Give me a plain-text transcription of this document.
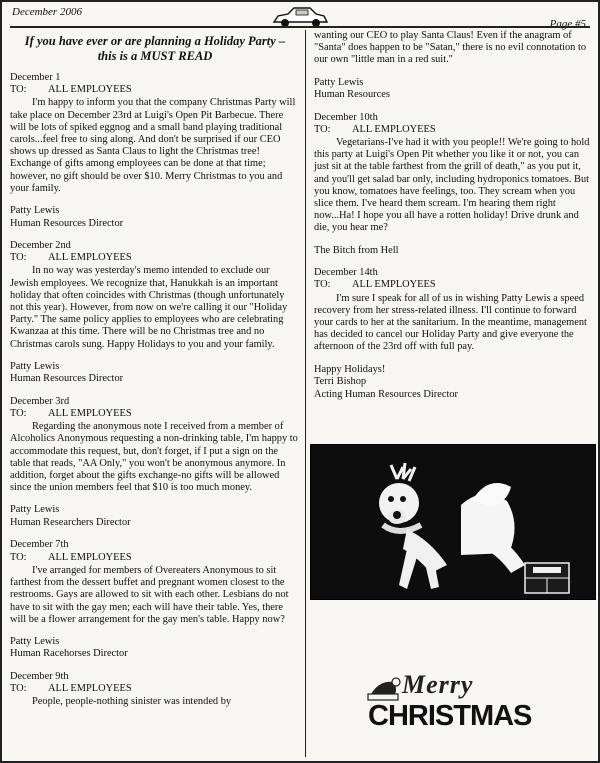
December 2006
Page #5
If you have ever or are planning a Holiday Party –
this is a MUST READ

December 1

TO:	ALL EMPLOYEES

I'm happy to inform you that the company Christmas Party will take place on December 23rd at Luigi's Open Pit Barbecue. There will be lots of spiked eggnog and a small band playing traditional carols...feel free to sing along. And don't be surprised if our CEO shows up dressed as Santa Claus to light the Christmas tree! Exchange of gifts among employees can be done at that time; however, no gift should be over $10. Merry Christmas to you and your family.

Patty Lewis

Human Resources Director

December 2nd

TO:	ALL EMPLOYEES

In no way was yesterday's memo intended to exclude our Jewish employees. We recognize that, Hanukkah is an important holiday that often coincides with Christmas (though unfortunately not this year). However, from now on we're calling it our "Holiday Party." The same policy applies to employees who are celebrating Kwanzaa at this time. There will be no Christmas tree and no Christmas carols sung. Happy Holidays to you and your family.

Patty Lewis

Human Resources Director

December 3rd

TO:	ALL EMPLOYEES

Regarding the anonymous note I received from a member of Alcoholics Anonymous requesting a non-drinking table, I'm happy to accommodate this request, but, don't forget, if I put a sign on the table that reads, "AA Only," you won't be anonymous anymore. In addition, forget about the gifts exchange-no gifts will be allowed since the union members feel that $10 is too much money.

Patty Lewis

Human Researchers Director

December 7th

TO:	ALL EMPLOYEES

I've arranged for members of Overeaters Anonymous to sit farthest from the dessert buffet and pregnant women closest to the restrooms. Gays are allowed to sit with each other. Lesbians do not have to sit with the gay men; each will have their table. Yes, there will be a flower arrangement for the gay men's table. Happy now?

Patty Lewis

Human Racehorses Director

December 9th

TO:	ALL EMPLOYEES

People, people-nothing sinister was intended by

wanting our CEO to play Santa Claus! Even if the anagram of "Santa" does happen to be "Satan," there is no evil connotation to our own "little man in a red suit."

Patty Lewis

Human Resources

December 10th

TO:	ALL EMPLOYEES

Vegetarians-I've had it with you people!! We're going to hold this party at Luigi's Open Pit whether you like it or not, you can just sit at the table farthest from the grill of death," as you put it, and you'll get salad bar only, including hydroponics tomatoes. But you know, tomatoes have feelings, too. They scream when you slice them. I've heard them scream. I'm hearing them right now...Ha! I hope you all have a rotten holiday! Drive drunk and die, you hear me?

The Bitch from Hell

December 14th

TO:	ALL EMPLOYEES

I'm sure I speak for all of us in wishing Patty Lewis a speed recovery from her stress-related illness. I'll continue to forward your cards to her at the sanitarium. In the meantime, management has decided to cancel our Holiday Party and give everyone the afternoon of the 23rd off with full pay.

Happy Holidays!

Terri Bishop

Acting Human Resources Director

Merry
CHRISTMAS
